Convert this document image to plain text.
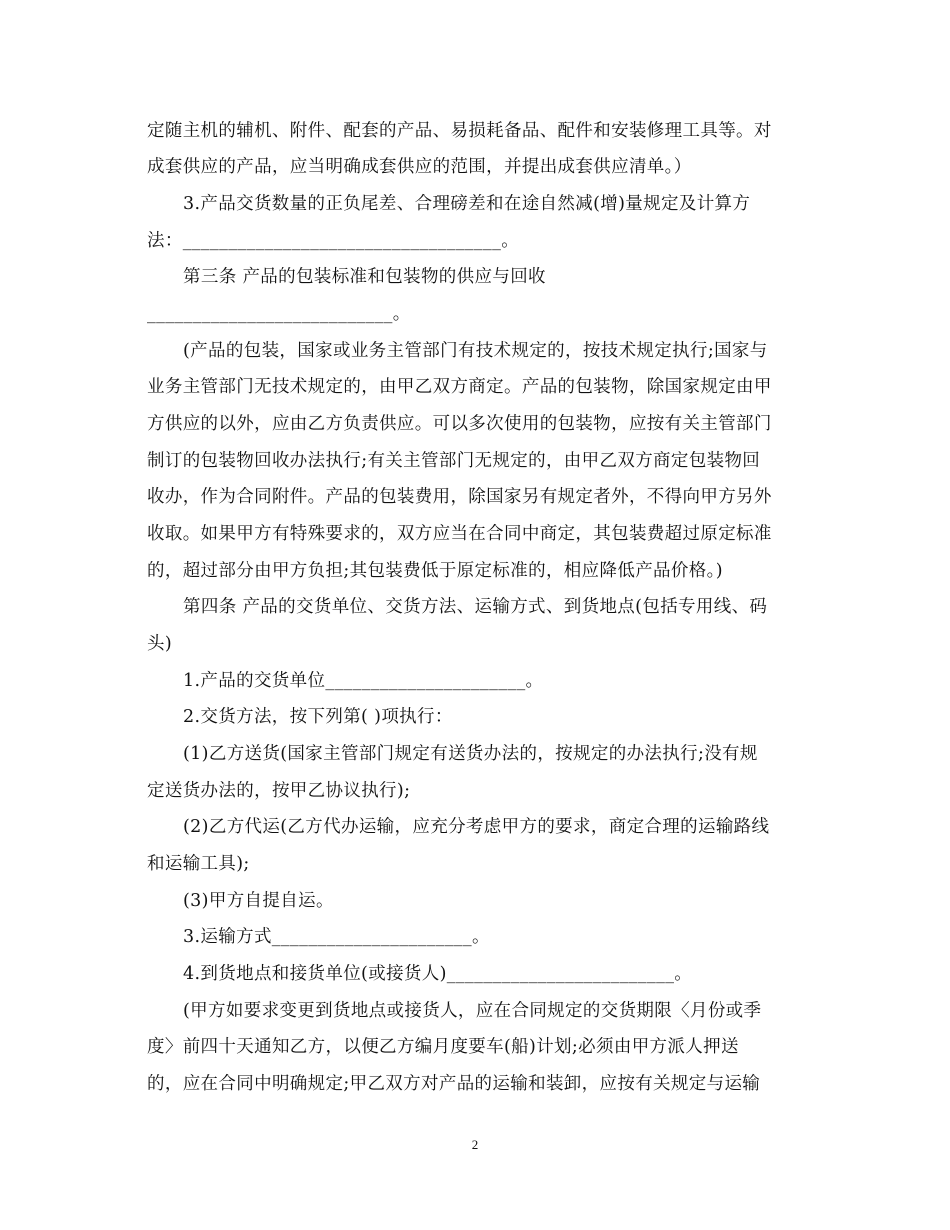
定随主机的辅机、附件、配套的产品、易损耗备品、配件和安装修理工具等。对
成套供应的产品，应当明确成套供应的范围，并提出成套供应清单。）
3.产品交货数量的正负尾差、合理磅差和在途自然减(增)量规定及计算方
法：___________________________________。
第三条 产品的包装标准和包装物的供应与回收
___________________________。
(产品的包装，国家或业务主管部门有技术规定的，按技术规定执行;国家与
业务主管部门无技术规定的，由甲乙双方商定。产品的包装物，除国家规定由甲
方供应的以外，应由乙方负责供应。可以多次使用的包装物，应按有关主管部门
制订的包装物回收办法执行;有关主管部门无规定的，由甲乙双方商定包装物回
收办，作为合同附件。产品的包装费用，除国家另有规定者外，不得向甲方另外
收取。如果甲方有特殊要求的，双方应当在合同中商定，其包装费超过原定标准
的，超过部分由甲方负担;其包装费低于原定标准的，相应降低产品价格。)
第四条 产品的交货单位、交货方法、运输方式、到货地点(包括专用线、码
头)
1.产品的交货单位______________________。
2.交货方法，按下列第( )项执行：
(1)乙方送货(国家主管部门规定有送货办法的，按规定的办法执行;没有规
定送货办法的，按甲乙协议执行);
(2)乙方代运(乙方代办运输，应充分考虑甲方的要求，商定合理的运输路线
和运输工具);
(3)甲方自提自运。
3.运输方式______________________。
4.到货地点和接货单位(或接货人)_________________________。
(甲方如要求变更到货地点或接货人，应在合同规定的交货期限〈月份或季
度〉前四十天通知乙方，以便乙方编月度要车(船)计划;必须由甲方派人押送
的，应在合同中明确规定;甲乙双方对产品的运输和装卸，应按有关规定与运输
2
